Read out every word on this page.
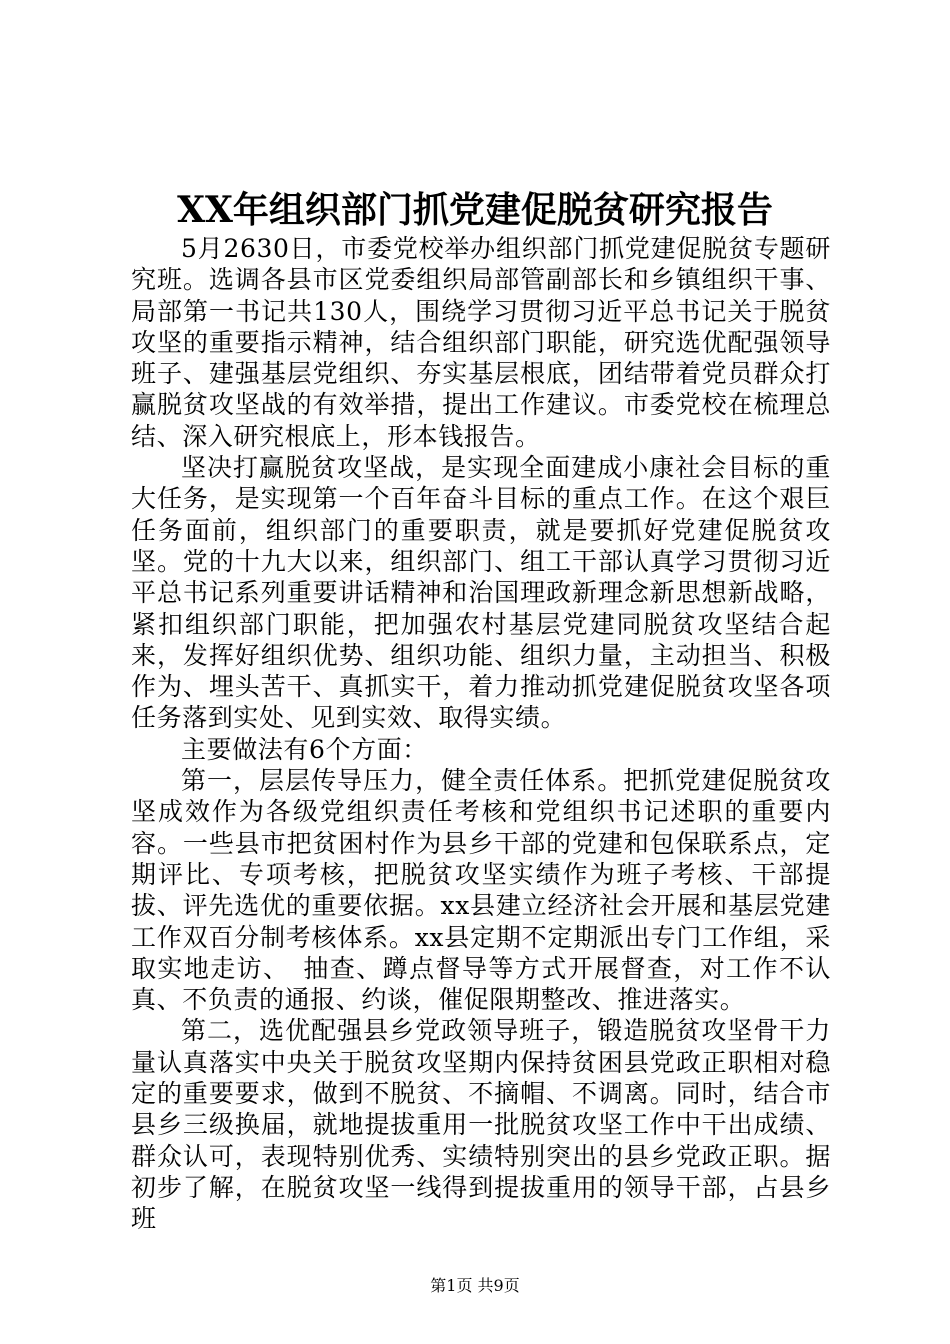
XX年组织部门抓党建促脱贫研究报告

5月2630日，市委党校举办组织部门抓党建促脱贫专题研究班。选调各县市区党委组织局部管副部长和乡镇组织干事、局部第一书记共130人，围绕学习贯彻习近平总书记关于脱贫攻坚的重要指示精神，结合组织部门职能，研究选优配强领导班子、建强基层党组织、夯实基层根底，团结带着党员群众打赢脱贫攻坚战的有效举措，提出工作建议。市委党校在梳理总结、深入研究根底上，形本钱报告。

坚决打赢脱贫攻坚战，是实现全面建成小康社会目标的重大任务，是实现第一个百年奋斗目标的重点工作。在这个艰巨任务面前，组织部门的重要职责，就是要抓好党建促脱贫攻坚。党的十九大以来，组织部门、组工干部认真学习贯彻习近平总书记系列重要讲话精神和治国理政新理念新思想新战略，紧扣组织部门职能，把加强农村基层党建同脱贫攻坚结合起来，发挥好组织优势、组织功能、组织力量，主动担当、积极作为、埋头苦干、真抓实干，着力推动抓党建促脱贫攻坚各项任务落到实处、见到实效、取得实绩。

主要做法有6个方面：

第一，层层传导压力，健全责任体系。把抓党建促脱贫攻坚成效作为各级党组织责任考核和党组织书记述职的重要内容。一些县市把贫困村作为县乡干部的党建和包保联系点，定期评比、专项考核，把脱贫攻坚实绩作为班子考核、干部提拔、评先选优的重要依据。xx县建立经济社会开展和基层党建工作双百分制考核体系。xx县定期不定期派出专门工作组，采取实地走访、　抽查、蹲点督导等方式开展督查，对工作不认真、不负责的通报、约谈，催促限期整改、推进落实。

第二，选优配强县乡党政领导班子，锻造脱贫攻坚骨干力量认真落实中央关于脱贫攻坚期内保持贫困县党政正职相对稳定的重要要求，做到不脱贫、不摘帽、不调离。同时，结合市县乡三级换届，就地提拔重用一批脱贫攻坚工作中干出成绩、群众认可，表现特别优秀、实绩特别突出的县乡党政正职。据初步了解，在脱贫攻坚一线得到提拔重用的领导干部，占县乡班

第1页 共9页
